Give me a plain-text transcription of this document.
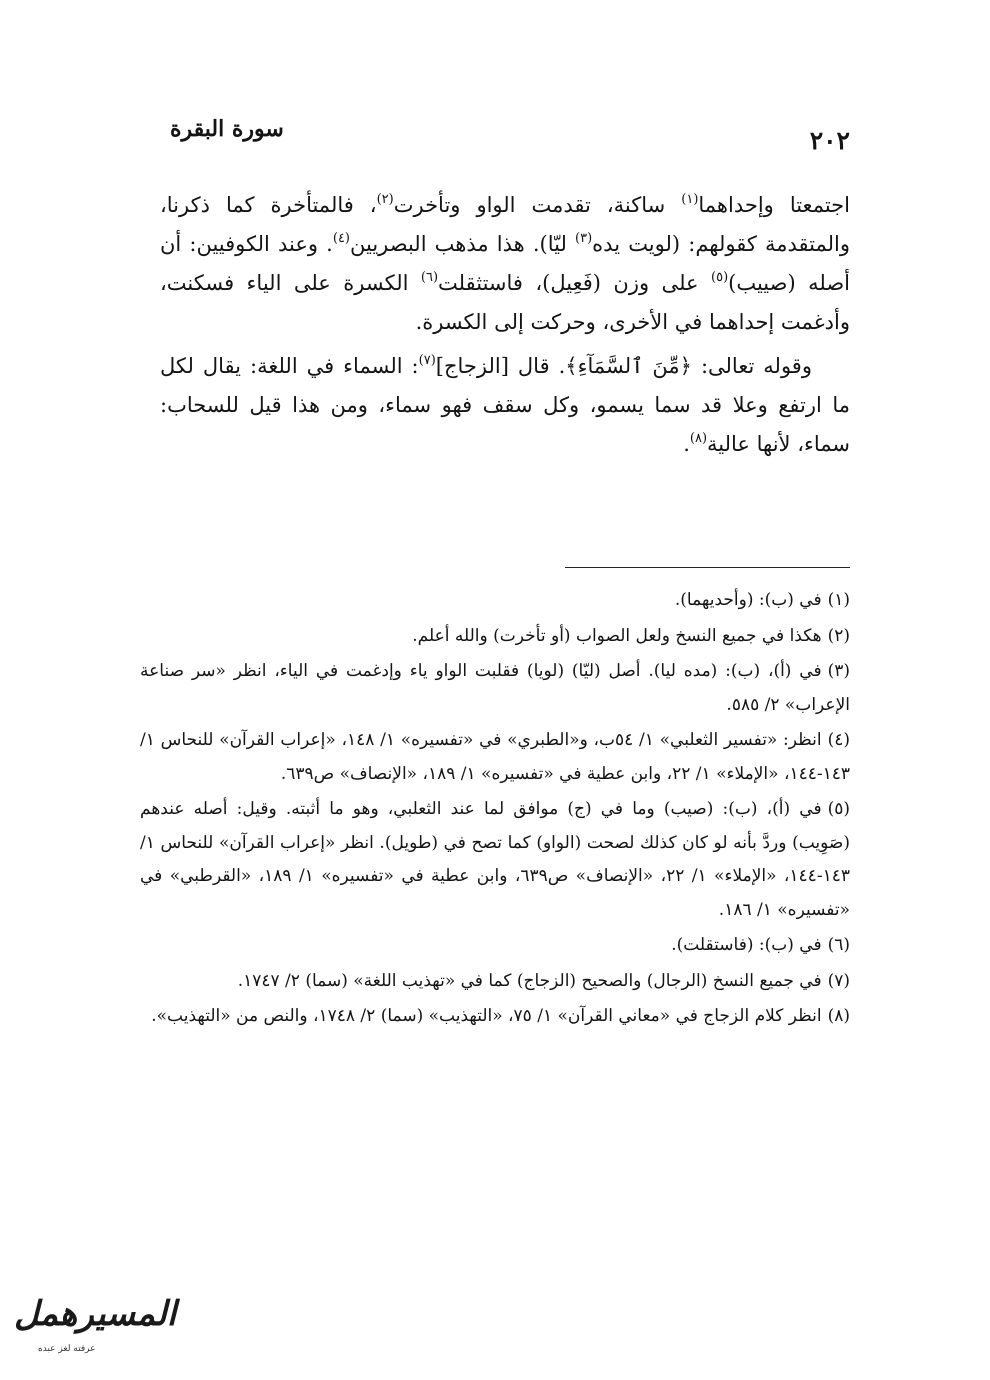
٢٠٢
سورة البقرة

اجتمعتا وإحداهما$^{(١)}$ ساكنة، تقدمت الواو وتأخرت$^{(٢)}$، فالمتأخرة كما ذكرنا، والمتقدمة كقولهم: (لويت يده$^{(٣)}$ ليّا). هذا مذهب البصريين$^{(٤)}$. وعند الكوفيين: أن أصله (صييب)$^{(٥)}$ على وزن (فَعِيل)، فاستثقلت$^{(٦)}$ الكسرة على الياء فسكنت، وأدغمت إحداهما في الأخرى، وحركت إلى الكسرة.

وقوله تعالى: ﴿مِّنَ ٱلسَّمَآءِ﴾. قال [الزجاج]$^{(٧)}$: السماء في اللغة: يقال لكل ما ارتفع وعلا قد سما يسمو، وكل سقف فهو سماء، ومن هذا قيل للسحاب: سماء، لأنها عالية$^{(٨)}$.

(١)في (ب): (وأحديهما).

(٢)هكذا في جميع النسخ ولعل الصواب (أو تأخرت) والله أعلم.

(٣)في (أ)، (ب): (مده ليا). أصل (ليّا) (لويا) فقلبت الواو ياء وإدغمت في الياء، انظر «سر صناعة الإعراب» ٢/ ٥٨٥.

(٤)انظر: «تفسير الثعلبي» ١/ ٥٤ب، و«الطبري» في «تفسيره» ١/ ١٤٨، «إعراب القرآن» للنحاس ١/ ١٤٣-١٤٤، «الإملاء» ١/ ٢٢، وابن عطية في «تفسيره» ١/ ١٨٩، «الإنصاف» ص٦٣٩.

(٥)في (أ)، (ب): (صيب) وما في (ج) موافق لما عند الثعلبي، وهو ما أثبته. وقيل: أصله عندهم (صَوِيب) وردَّ بأنه لو كان كذلك لصحت (الواو) كما تصح في (طويل). انظر «إعراب القرآن» للنحاس ١/ ١٤٣-١٤٤، «الإملاء» ١/ ٢٢، «الإنصاف» ص٦٣٩، وابن عطية في «تفسيره» ١/ ١٨٩، «القرطبي» في «تفسيره» ١/ ١٨٦.

(٦)في (ب): (فاستقلت).

(٧)في جميع النسخ (الرجال) والصحيح (الزجاج) كما في «تهذيب اللغة» (سما) ٢/ ١٧٤٧.

(٨)انظر كلام الزجاج في «معاني القرآن» ١/ ٧٥، «التهذيب» (سما) ٢/ ١٧٤٨، والنص من «التهذيب».

المسيرهمل
عرفته لغز عبده
